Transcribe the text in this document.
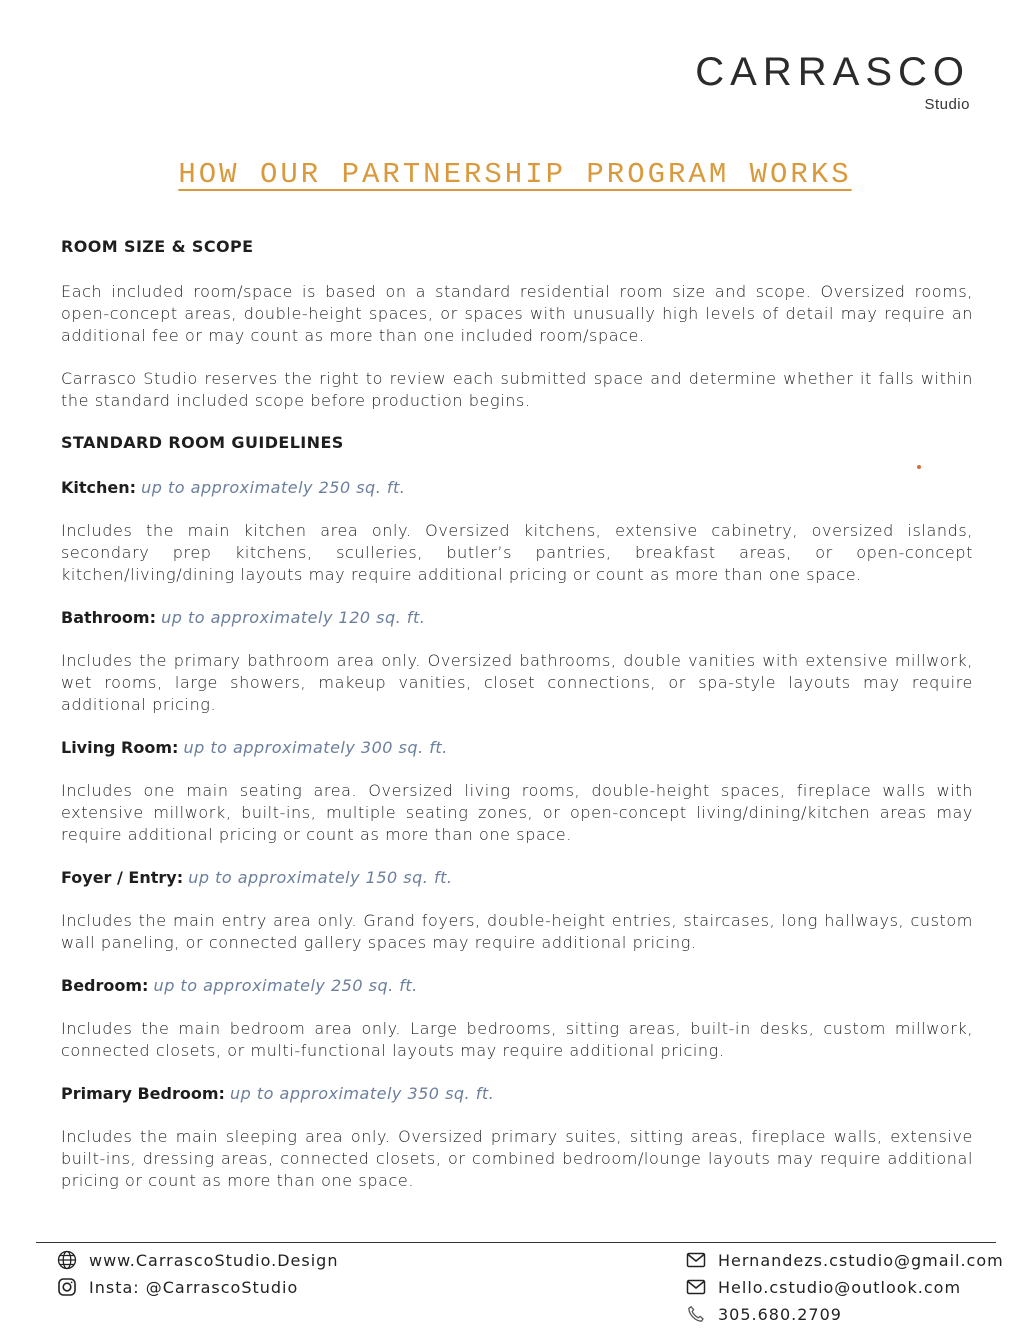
CARRASCO
Studio
HOW OUR PARTNERSHIP PROGRAM WORKS
ROOM SIZE & SCOPE
Each included room/space is based on a standard residential room size and scope. Oversized rooms, open-concept areas, double-height spaces, or spaces with unusually high levels of detail may require an additional fee or may count as more than one included room/space.
Carrasco Studio reserves the right to review each submitted space and determine whether it falls within the standard included scope before production begins.
STANDARD ROOM GUIDELINES
Kitchen: up to approximately 250 sq. ft.
Includes the main kitchen area only. Oversized kitchens, extensive cabinetry, oversized islands, secondary prep kitchens, sculleries, butler’s pantries, breakfast areas, or open-concept kitchen/living/dining layouts may require additional pricing or count as more than one space.
Bathroom: up to approximately 120 sq. ft.
Includes the primary bathroom area only. Oversized bathrooms, double vanities with extensive millwork, wet rooms, large showers, makeup vanities, closet connections, or spa-style layouts may require additional pricing.
Living Room: up to approximately 300 sq. ft.
Includes one main seating area. Oversized living rooms, double-height spaces, fireplace walls with extensive millwork, built-ins, multiple seating zones, or open-concept living/dining/kitchen areas may require additional pricing or count as more than one space.
Foyer / Entry: up to approximately 150 sq. ft.
Includes the main entry area only. Grand foyers, double-height entries, staircases, long hallways, custom wall paneling, or connected gallery spaces may require additional pricing.
Bedroom: up to approximately 250 sq. ft.
Includes the main bedroom area only. Large bedrooms, sitting areas, built-in desks, custom millwork, connected closets, or multi-functional layouts may require additional pricing.
Primary Bedroom: up to approximately 350 sq. ft.
Includes the main sleeping area only. Oversized primary suites, sitting areas, fireplace walls, extensive built-ins, dressing areas, connected closets, or combined bedroom/lounge layouts may require additional pricing or count as more than one space.
www.CarrascoStudio.Design
Insta: @CarrascoStudio
Hernandezs.cstudio@gmail.com
Hello.cstudio@outlook.com
305.680.2709
